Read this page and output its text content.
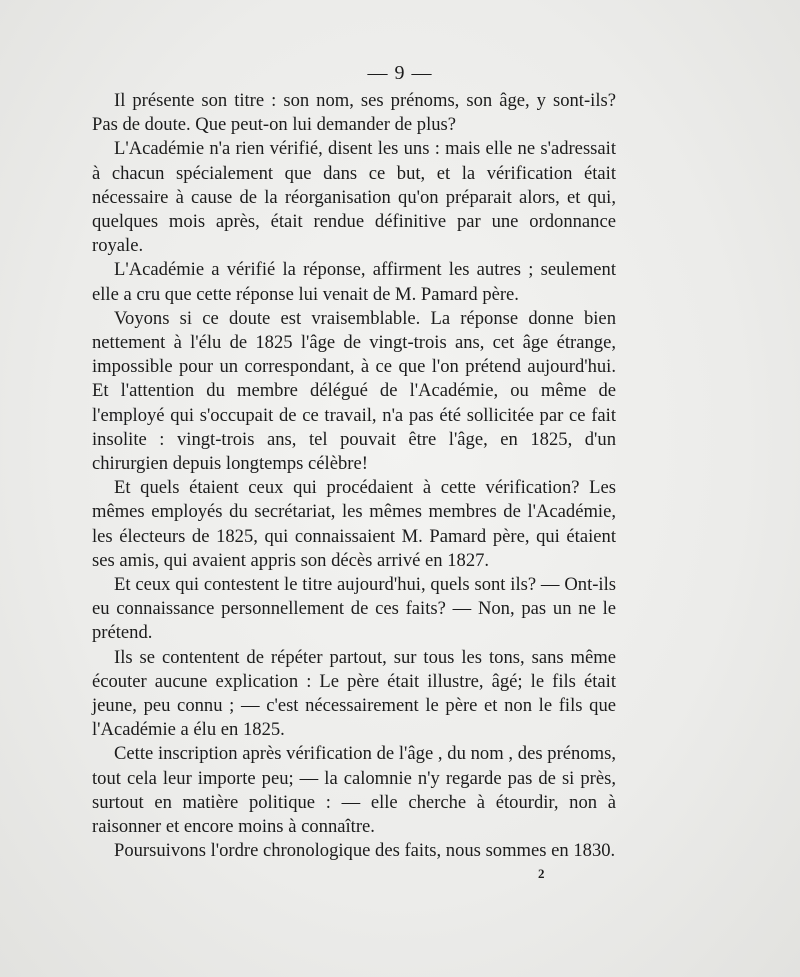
— 9 —

Il présente son titre : son nom, ses prénoms, son âge, y sont-ils? Pas de doute. Que peut-on lui demander de plus?

L'Académie n'a rien vérifié, disent les uns : mais elle ne s'adressait à chacun spécialement que dans ce but, et la vérification était nécessaire à cause de la réorganisation qu'on préparait alors, et qui, quelques mois après, était rendue définitive par une ordonnance royale.

L'Académie a vérifié la réponse, affirment les autres ; seulement elle a cru que cette réponse lui venait de M. Pamard père.

Voyons si ce doute est vraisemblable. La réponse donne bien nettement à l'élu de 1825 l'âge de vingt-trois ans, cet âge étrange, impossible pour un correspondant, à ce que l'on prétend aujourd'hui. Et l'attention du membre délégué de l'Académie, ou même de l'employé qui s'occupait de ce travail, n'a pas été sollicitée par ce fait insolite : vingt-trois ans, tel pouvait être l'âge, en 1825, d'un chirurgien depuis longtemps célèbre!

Et quels étaient ceux qui procédaient à cette vérification? Les mêmes employés du secrétariat, les mêmes membres de l'Académie, les électeurs de 1825, qui connaissaient M. Pamard père, qui étaient ses amis, qui avaient appris son décès arrivé en 1827.

Et ceux qui contestent le titre aujourd'hui, quels sont ils? — Ont-ils eu connaissance personnellement de ces faits? — Non, pas un ne le prétend.

Ils se contentent de répéter partout, sur tous les tons, sans même écouter aucune explication : Le père était illustre, âgé; le fils était jeune, peu connu ; — c'est nécessairement le père et non le fils que l'Académie a élu en 1825.

Cette inscription après vérification de l'âge , du nom , des prénoms, tout cela leur importe peu; — la calomnie n'y regarde pas de si près, surtout en matière politique : — elle cherche à étourdir, non à raisonner et encore moins à connaître.

Poursuivons l'ordre chronologique des faits, nous sommes en 1830.

2
